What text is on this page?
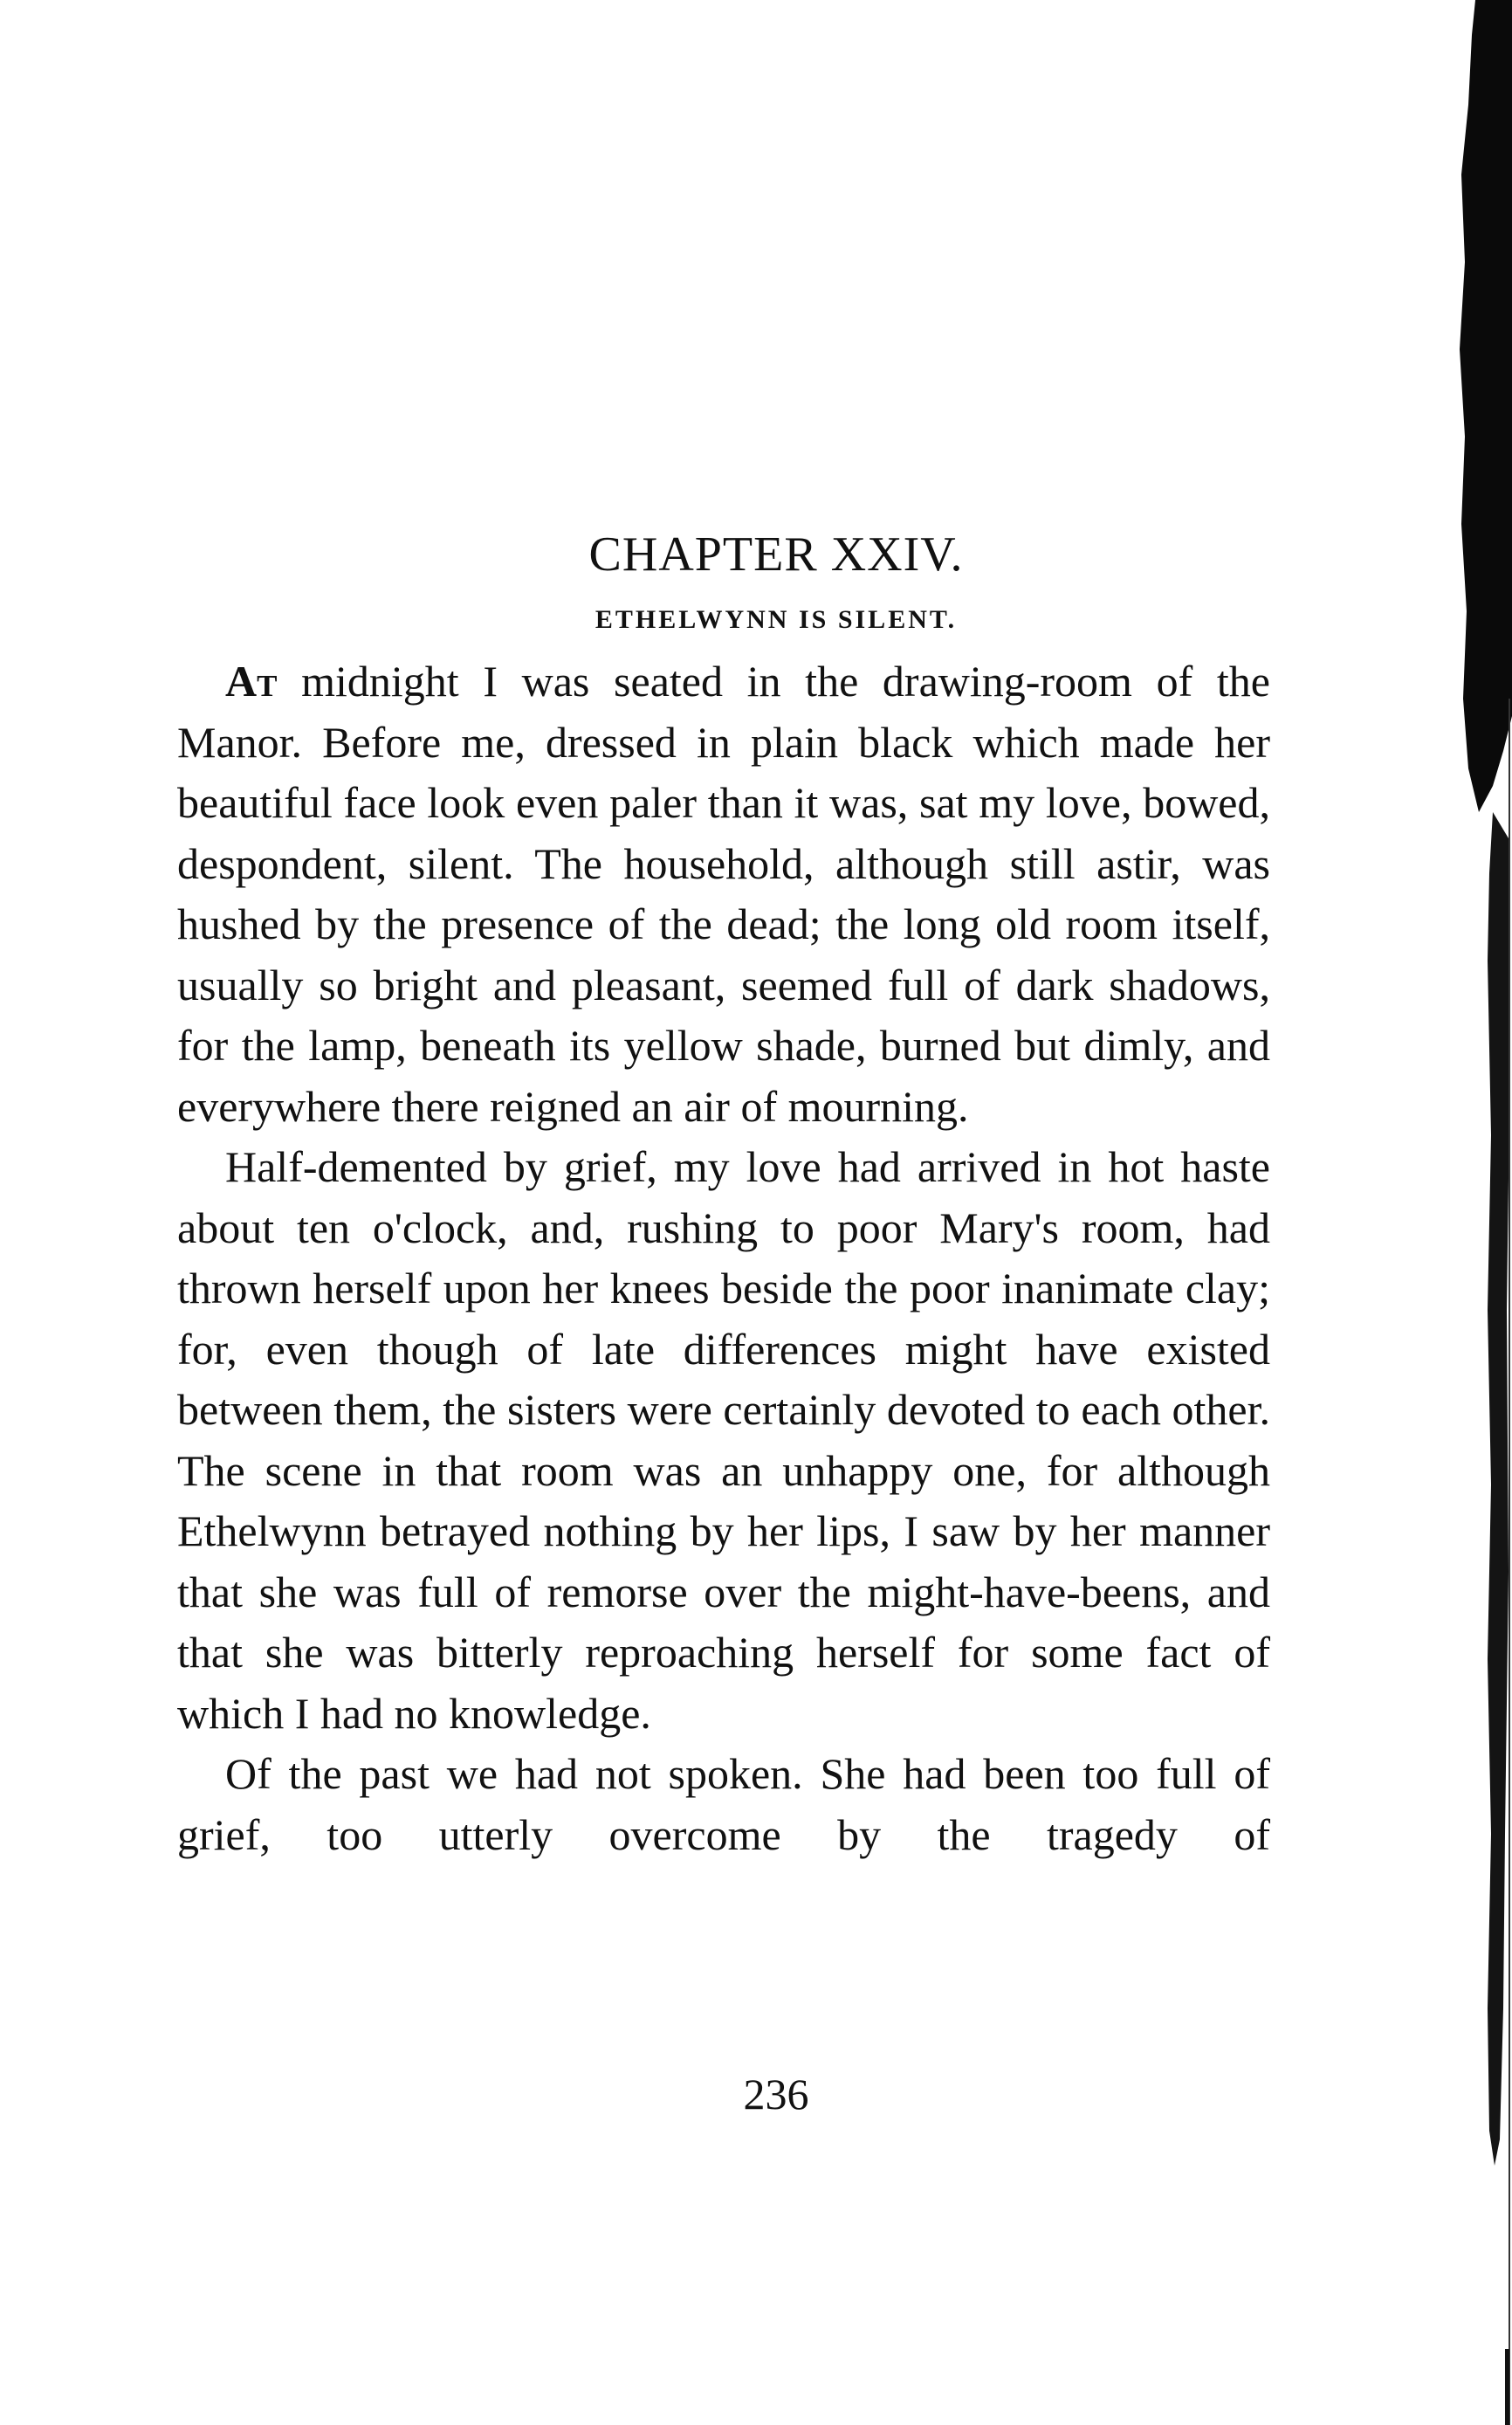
CHAPTER XXIV.
ETHELWYNN IS SILENT.

At midnight I was seated in the drawing-room of the Manor. Before me, dressed in plain black which made her beautiful face look even paler than it was, sat my love, bowed, despondent, silent. The household, although still astir, was hushed by the presence of the dead; the long old room itself, usually so bright and pleasant, seemed full of dark shadows, for the lamp, beneath its yellow shade, burned but dimly, and everywhere there reigned an air of mourning.

Half-demented by grief, my love had arrived in hot haste about ten o'clock, and, rushing to poor Mary's room, had thrown herself upon her knees beside the poor inanimate clay; for, even though of late differences might have existed between them, the sisters were certainly devoted to each other. The scene in that room was an unhappy one, for although Ethelwynn betrayed nothing by her lips, I saw by her manner that she was full of remorse over the might-have-beens, and that she was bitterly reproaching herself for some fact of which I had no knowledge.

Of the past we had not spoken. She had been too full of grief, too utterly overcome by the tragedy of

236
